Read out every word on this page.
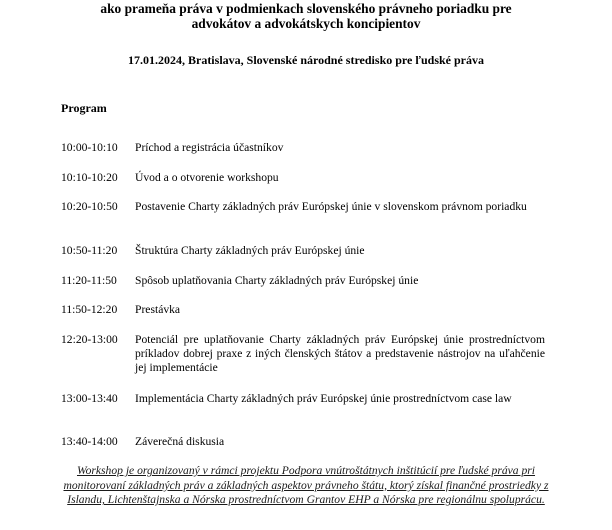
ako prameňa práva v podmienkach slovenského právneho poriadku pre
advokátov a advokátskych koncipientov
17.01.2024, Bratislava, Slovenské národné stredisko pre ľudské práva
Program
10:00-10:10	Príchod a registrácia účastníkov
10:10-10:20	Úvod a o otvorenie workshopu
10:20-10:50	Postavenie Charty základných práv Európskej únie v slovenskom právnom poriadku
10:50-11:20	Štruktúra Charty základných práv Európskej únie
11:20-11:50	Spôsob uplatňovania Charty základných práv Európskej únie
11:50-12:20	Prestávka
12:20-13:00	Potenciál pre uplatňovanie Charty základných práv Európskej únie prostredníctvom príkladov dobrej praxe z iných členských štátov a predstavenie nástrojov na uľahčenie jej implementácie
13:00-13:40	Implementácia Charty základných práv Európskej únie prostredníctvom case law
13:40-14:00	Záverečná diskusia
Workshop je organizovaný v rámci projektu Podpora vnútroštátnych inštitúcií pre ľudské práva pri monitorovaní základných práv a základných aspektov právneho štátu, ktorý získal finančné prostriedky z Islandu, Lichtenštajnska a Nórska prostredníctvom Grantov EHP a Nórska pre regionálnu spoluprácu.
